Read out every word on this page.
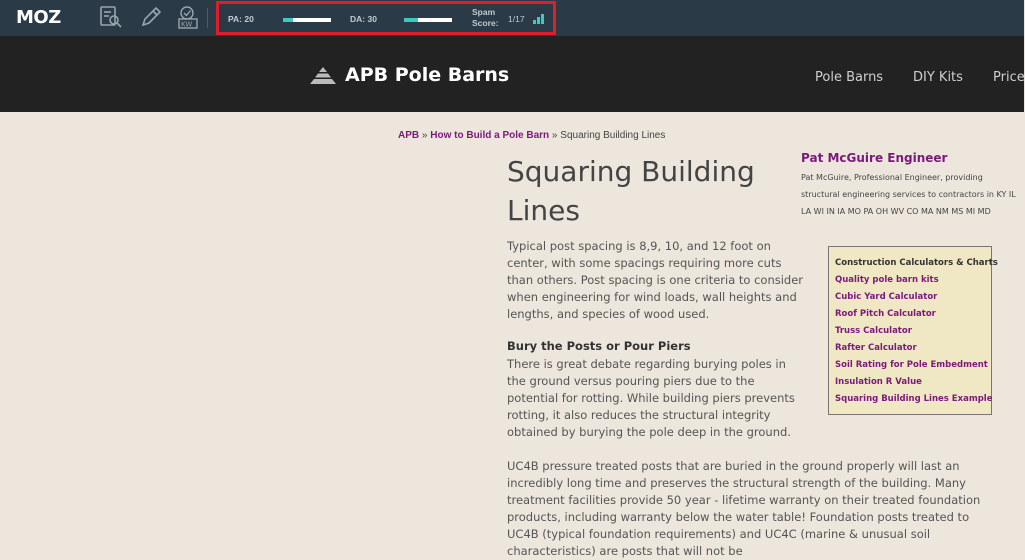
MOZ	KW
PA: 20	DA: 30
Spam
Score: 1/17
APB Pole Barns	Pole Barns DIY Kits Price
APB » How to Build a Pole Barn » Squaring Building Lines
Squaring Building Lines

Typical post spacing is 8,9, 10, and 12 foot on center, with some spacings requiring more cuts than others. Post spacing is one criteria to consider when engineering for wind loads, wall heights and lengths, and species of wood used.

Bury the Posts or Pour Piers

There is great debate regarding burying poles in the ground versus pouring piers due to the potential for rotting. While building piers prevents rotting, it also reduces the structural integrity obtained by burying the pole deep in the ground.

UC4B pressure treated posts that are buried in the ground properly will last an incredibly long time and preserves the structural strength of the building. Many treatment facilities provide 50 year - lifetime warranty on their treated foundation products, including warranty below the water table! Foundation posts treated to UC4B (typical foundation requirements) and UC4C (marine & unusual soil characteristics) are posts that will not be

Pat McGuire Engineer

Pat McGuire, Professional Engineer, providing structural engineering services to contractors in KY IL LA WI IN IA MO PA OH WV CO MA NM MS MI MD

Construction Calculators & Charts
Quality pole barn kits
Cubic Yard Calculator
Roof Pitch Calculator
Truss Calculator
Rafter Calculator
Soil Rating for Pole Embedment
Insulation R Value
Squaring Building Lines Example
